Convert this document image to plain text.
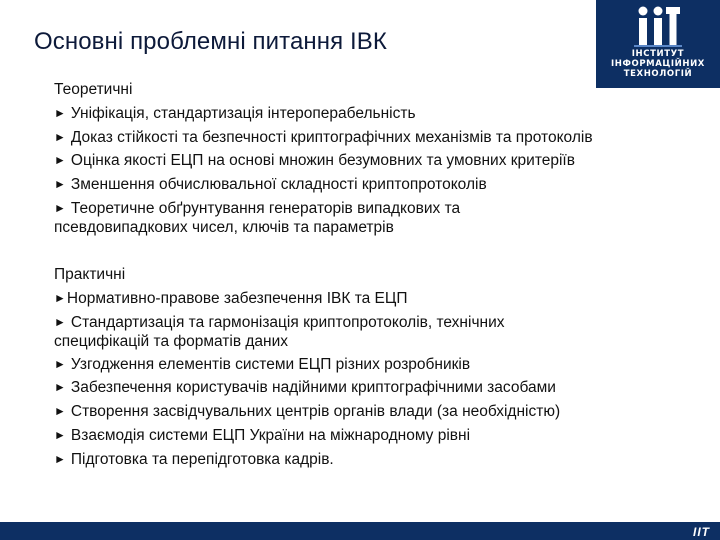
Основні проблемні питання ІВК	ІНСТИТУТ
ІНФОРМАЦІЙНИХ
ТЕХНОЛОГІЙ
Теоретичні
► Уніфікація, стандартизація інтероперабельність
► Доказ стійкості та безпечності криптографічних механізмів та протоколів
► Оцінка якості ЕЦП на основі множин безумовних та умовних критеріїв
► Зменшення обчислювальної складності криптопротоколів
► Теоретичне обґрунтування генераторів випадкових та псевдовипадкових чисел, ключів та параметрів
Практичні
►Нормативно-правове забезпечення ІВК та ЕЦП
► Стандартизація та гармонізація криптопротоколів, технічних специфікацій та форматів даних
► Узгодження елементів системи ЕЦП різних розробників
► Забезпечення користувачів надійними криптографічними засобами
► Створення засвідчувальних центрів органів влади (за необхідністю)
► Взаємодія системи ЕЦП України на міжнародному рівні
► Підготовка та перепідготовка кадрів.
ІІТ
